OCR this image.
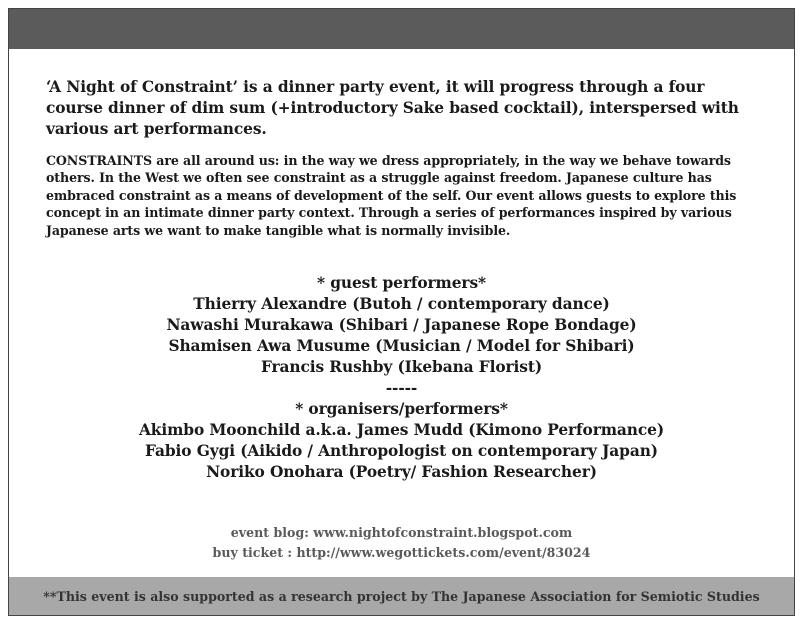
‘A Night of Constraint’ is a dinner party event, it will progress through a four course dinner of dim sum (+introductory Sake based cocktail), interspersed with various art performances.

CONSTRAINTS are all around us: in the way we dress appropriately, in the way we behave towards others. In the West we often see constraint as a struggle against freedom. Japanese culture has embraced constraint as a means of development of the self. Our event allows guests to explore this concept in an intimate dinner party context. Through a series of performances inspired by various Japanese arts we want to make tangible what is normally invisible.

* guest performers*
Thierry Alexandre (Butoh / contemporary dance)
Nawashi Murakawa (Shibari / Japanese Rope Bondage)
Shamisen Awa Musume (Musician / Model for Shibari)
Francis Rushby (Ikebana Florist)
-----
* organisers/performers*
Akimbo Moonchild a.k.a. James Mudd (Kimono Performance)
Fabio Gygi (Aikido / Anthropologist on contemporary Japan)
Noriko Onohara (Poetry/ Fashion Researcher)
event blog: www.nightofconstraint.blogspot.com
buy ticket : http://www.wegottickets.com/event/83024
**This event is also supported as a research project by The Japanese Association for Semiotic Studies
